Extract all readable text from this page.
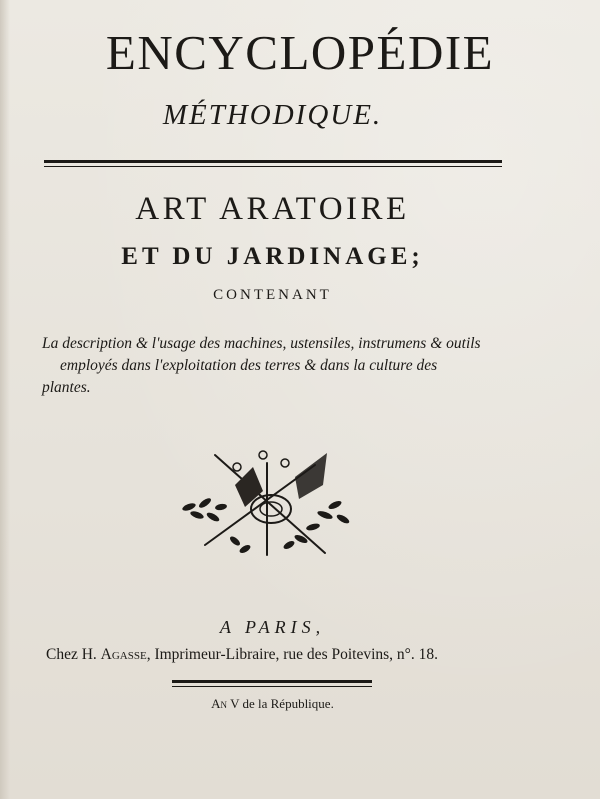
ENCYCLOPÉDIE
MÉTHODIQUE.
ART ARATOIRE
ET DU JARDINAGE;
CONTENANT
La description & l'usage des machines, ustensiles, instrumens & outils
employés dans l'exploitation des terres & dans la culture des
plantes.
A PARIS,
Chez H. Agasse, Imprimeur-Libraire, rue des Poitevins, n°. 18.
An V de la République.
